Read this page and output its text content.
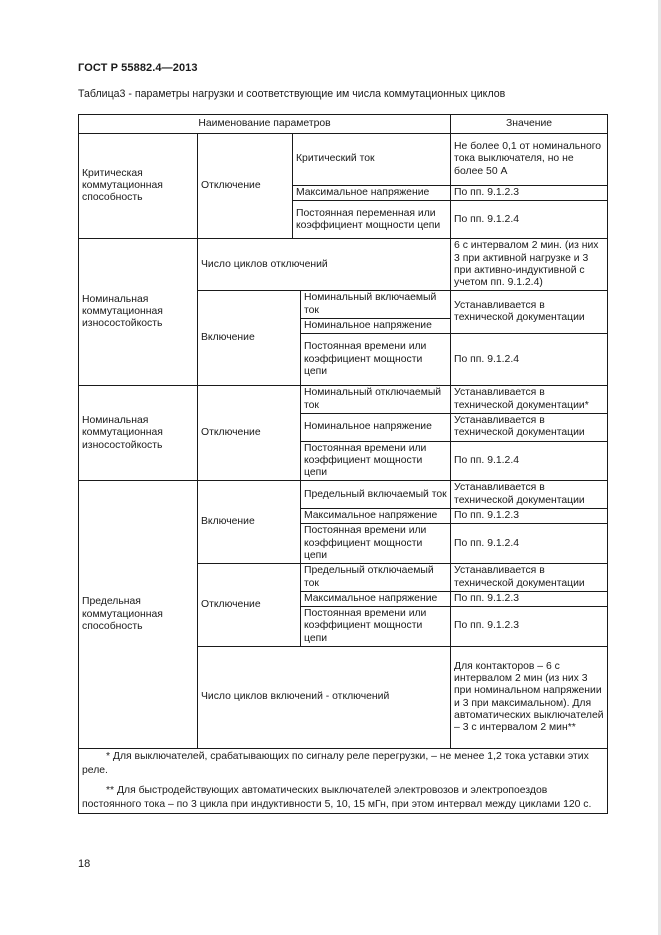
ГОСТ Р 55882.4—2013
Таблица3 - параметры нагрузки и соответствующие им числа коммутационных циклов
Наименование параметров				Значение
Критическая коммутационная способность	Отключение	Критический ток		Не более 0,1 от номинального тока выключателя, но не более 50 А
		Максимальное напряжение		По пп. 9.1.2.3
		Постоянная переменная или коэффициент мощности цепи		По пп. 9.1.2.4
Номинальная коммутационная износостойкость	Число циклов отключений			6 с интервалом 2 мин. (из них 3 при активной нагрузке и 3 при активно-индуктивной с учетом пп. 9.1.2.4)
	Включение		Номинальный включаемый ток	Устанавливается в технической документации
			Номинальное напряжение	
			Постоянная времени или коэффициент мощности цепи	По пп. 9.1.2.4
Номинальная коммутационная износостойкость	Отключение		Номинальный отключаемый ток	Устанавливается в технической документации*
			Номинальное напряжение	Устанавливается в технической документации
			Постоянная времени или коэффициент мощности цепи	По пп. 9.1.2.4
Предельная коммутационная способность	Включение		Предельный включаемый ток	Устанавливается в технической документации
			Максимальное напряжение	По пп. 9.1.2.3
			Постоянная времени или коэффициент мощности цепи	По пп. 9.1.2.4
	Отключение		Предельный отключаемый ток	Устанавливается в технической документации
			Максимальное напряжение	По пп. 9.1.2.3
			Постоянная времени или коэффициент мощности цепи	По пп. 9.1.2.3
	Число циклов включений - отключений			Для контакторов – 6 с интервалом 2 мин (из них 3 при номинальном напряжении и 3 при максимальном). Для автоматических выключателей – 3 с интервалом 2 мин**

* Для выключателей, срабатывающих по сигналу реле перегрузки, – не менее 1,2 тока уставки этих реле.

** Для быстродействующих автоматических выключателей электровозов и электропоездов постоянного тока – по 3 цикла при индуктивности 5, 10, 15 мГн, при этом интервал между циклами 120 с.				

18
